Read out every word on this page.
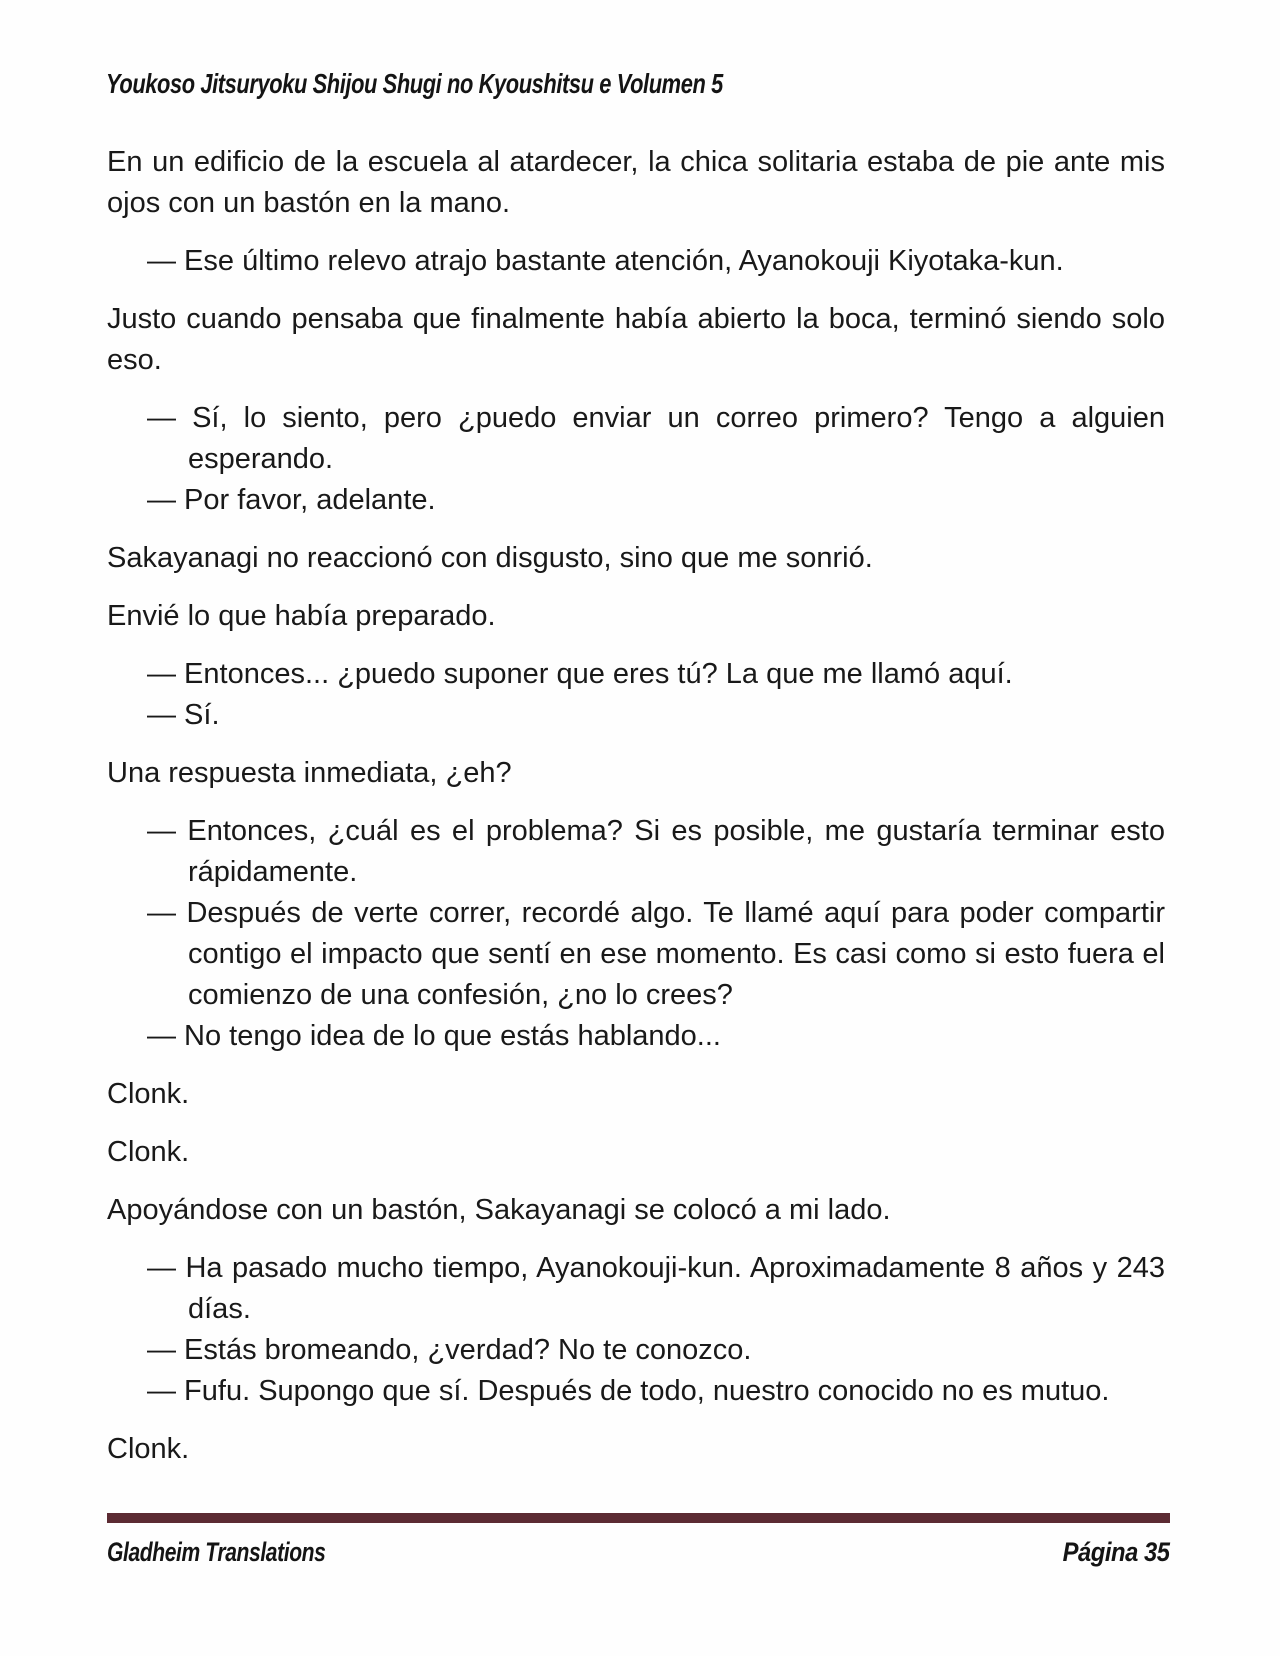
Youkoso Jitsuryoku Shijou Shugi no Kyoushitsu e Volumen 5

En un edificio de la escuela al atardecer, la chica solitaria estaba de pie ante mis ojos con un bastón en la mano.

— Ese último relevo atrajo bastante atención, Ayanokouji Kiyotaka-kun.

Justo cuando pensaba que finalmente había abierto la boca, terminó siendo solo eso.

— Sí, lo siento, pero ¿puedo enviar un correo primero? Tengo a alguien esperando.

— Por favor, adelante.

Sakayanagi no reaccionó con disgusto, sino que me sonrió.

Envié lo que había preparado.

— Entonces... ¿puedo suponer que eres tú? La que me llamó aquí.

— Sí.

Una respuesta inmediata, ¿eh?

— Entonces, ¿cuál es el problema? Si es posible, me gustaría terminar esto rápidamente.

— Después de verte correr, recordé algo. Te llamé aquí para poder compartir contigo el impacto que sentí en ese momento. Es casi como si esto fuera el comienzo de una confesión, ¿no lo crees?

— No tengo idea de lo que estás hablando...

Clonk.

Clonk.

Apoyándose con un bastón, Sakayanagi se colocó a mi lado.

— Ha pasado mucho tiempo, Ayanokouji-kun. Aproximadamente 8 años y 243 días.

— Estás bromeando, ¿verdad? No te conozco.

— Fufu. Supongo que sí. Después de todo, nuestro conocido no es mutuo.

Clonk.

Gladheim Translations	Página 35
